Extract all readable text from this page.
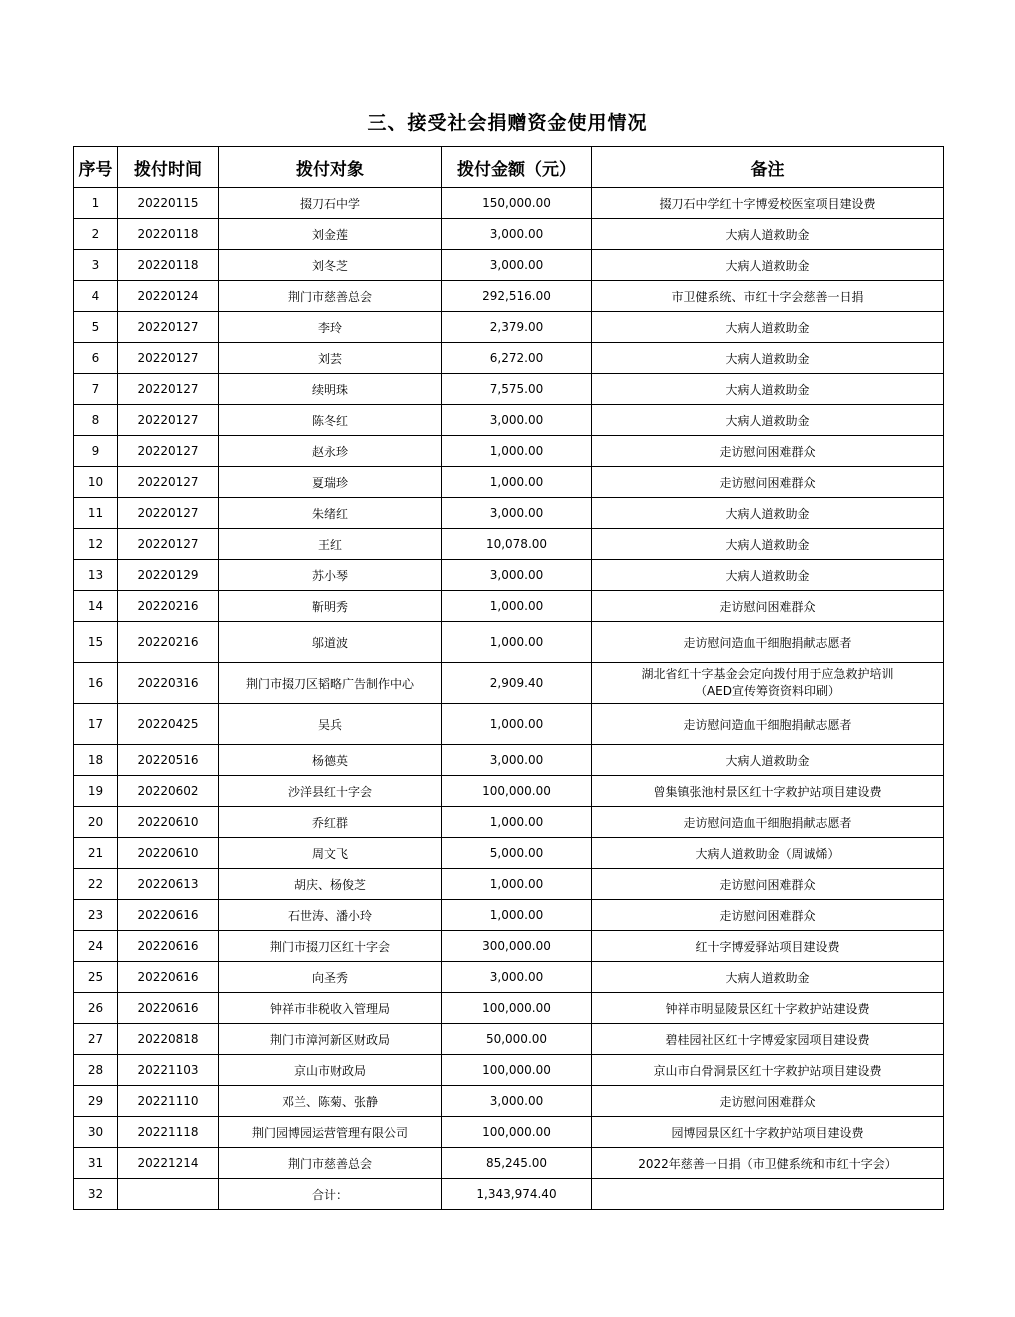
三、接受社会捐赠资金使用情况
序号	拨付时间	拨付对象	拨付金额（元）	备注
1	20220115	掇刀石中学	150,000.00	掇刀石中学红十字博爱校医室项目建设费
2	20220118	刘金莲	3,000.00	大病人道救助金
3	20220118	刘冬芝	3,000.00	大病人道救助金
4	20220124	荆门市慈善总会	292,516.00	市卫健系统、市红十字会慈善一日捐
5	20220127	李玲	2,379.00	大病人道救助金
6	20220127	刘芸	6,272.00	大病人道救助金
7	20220127	续明珠	7,575.00	大病人道救助金
8	20220127	陈冬红	3,000.00	大病人道救助金
9	20220127	赵永珍	1,000.00	走访慰问困难群众
10	20220127	夏瑞珍	1,000.00	走访慰问困难群众
11	20220127	朱绪红	3,000.00	大病人道救助金
12	20220127	王红	10,078.00	大病人道救助金
13	20220129	苏小琴	3,000.00	大病人道救助金
14	20220216	靳明秀	1,000.00	走访慰问困难群众
15	20220216	邬道波	1,000.00	走访慰问造血干细胞捐献志愿者
16	20220316	荆门市掇刀区韬略广告制作中心	2,909.40	湖北省红十字基金会定向拨付用于应急救护培训
（AED宣传筹资资料印刷）

17	20220425	吴兵	1,000.00	走访慰问造血干细胞捐献志愿者
18	20220516	杨德英	3,000.00	大病人道救助金
19	20220602	沙洋县红十字会	100,000.00	曾集镇张池村景区红十字救护站项目建设费
20	20220610	乔红群	1,000.00	走访慰问造血干细胞捐献志愿者
21	20220610	周文飞	5,000.00	大病人道救助金（周诚烯）
22	20220613	胡庆、杨俊芝	1,000.00	走访慰问困难群众
23	20220616	石世涛、潘小玲	1,000.00	走访慰问困难群众
24	20220616	荆门市掇刀区红十字会	300,000.00	红十字博爱驿站项目建设费
25	20220616	向圣秀	3,000.00	大病人道救助金
26	20220616	钟祥市非税收入管理局	100,000.00	钟祥市明显陵景区红十字救护站建设费
27	20220818	荆门市漳河新区财政局	50,000.00	碧桂园社区红十字博爱家园项目建设费
28	20221103	京山市财政局	100,000.00	京山市白骨洞景区红十字救护站项目建设费
29	20221110	邓兰、陈菊、张静	3,000.00	走访慰问困难群众
30	20221118	荆门园博园运营管理有限公司	100,000.00	园博园景区红十字救护站项目建设费
31	20221214	荆门市慈善总会	85,245.00	2022年慈善一日捐（市卫健系统和市红十字会）
32		合计：	1,343,974.40	
